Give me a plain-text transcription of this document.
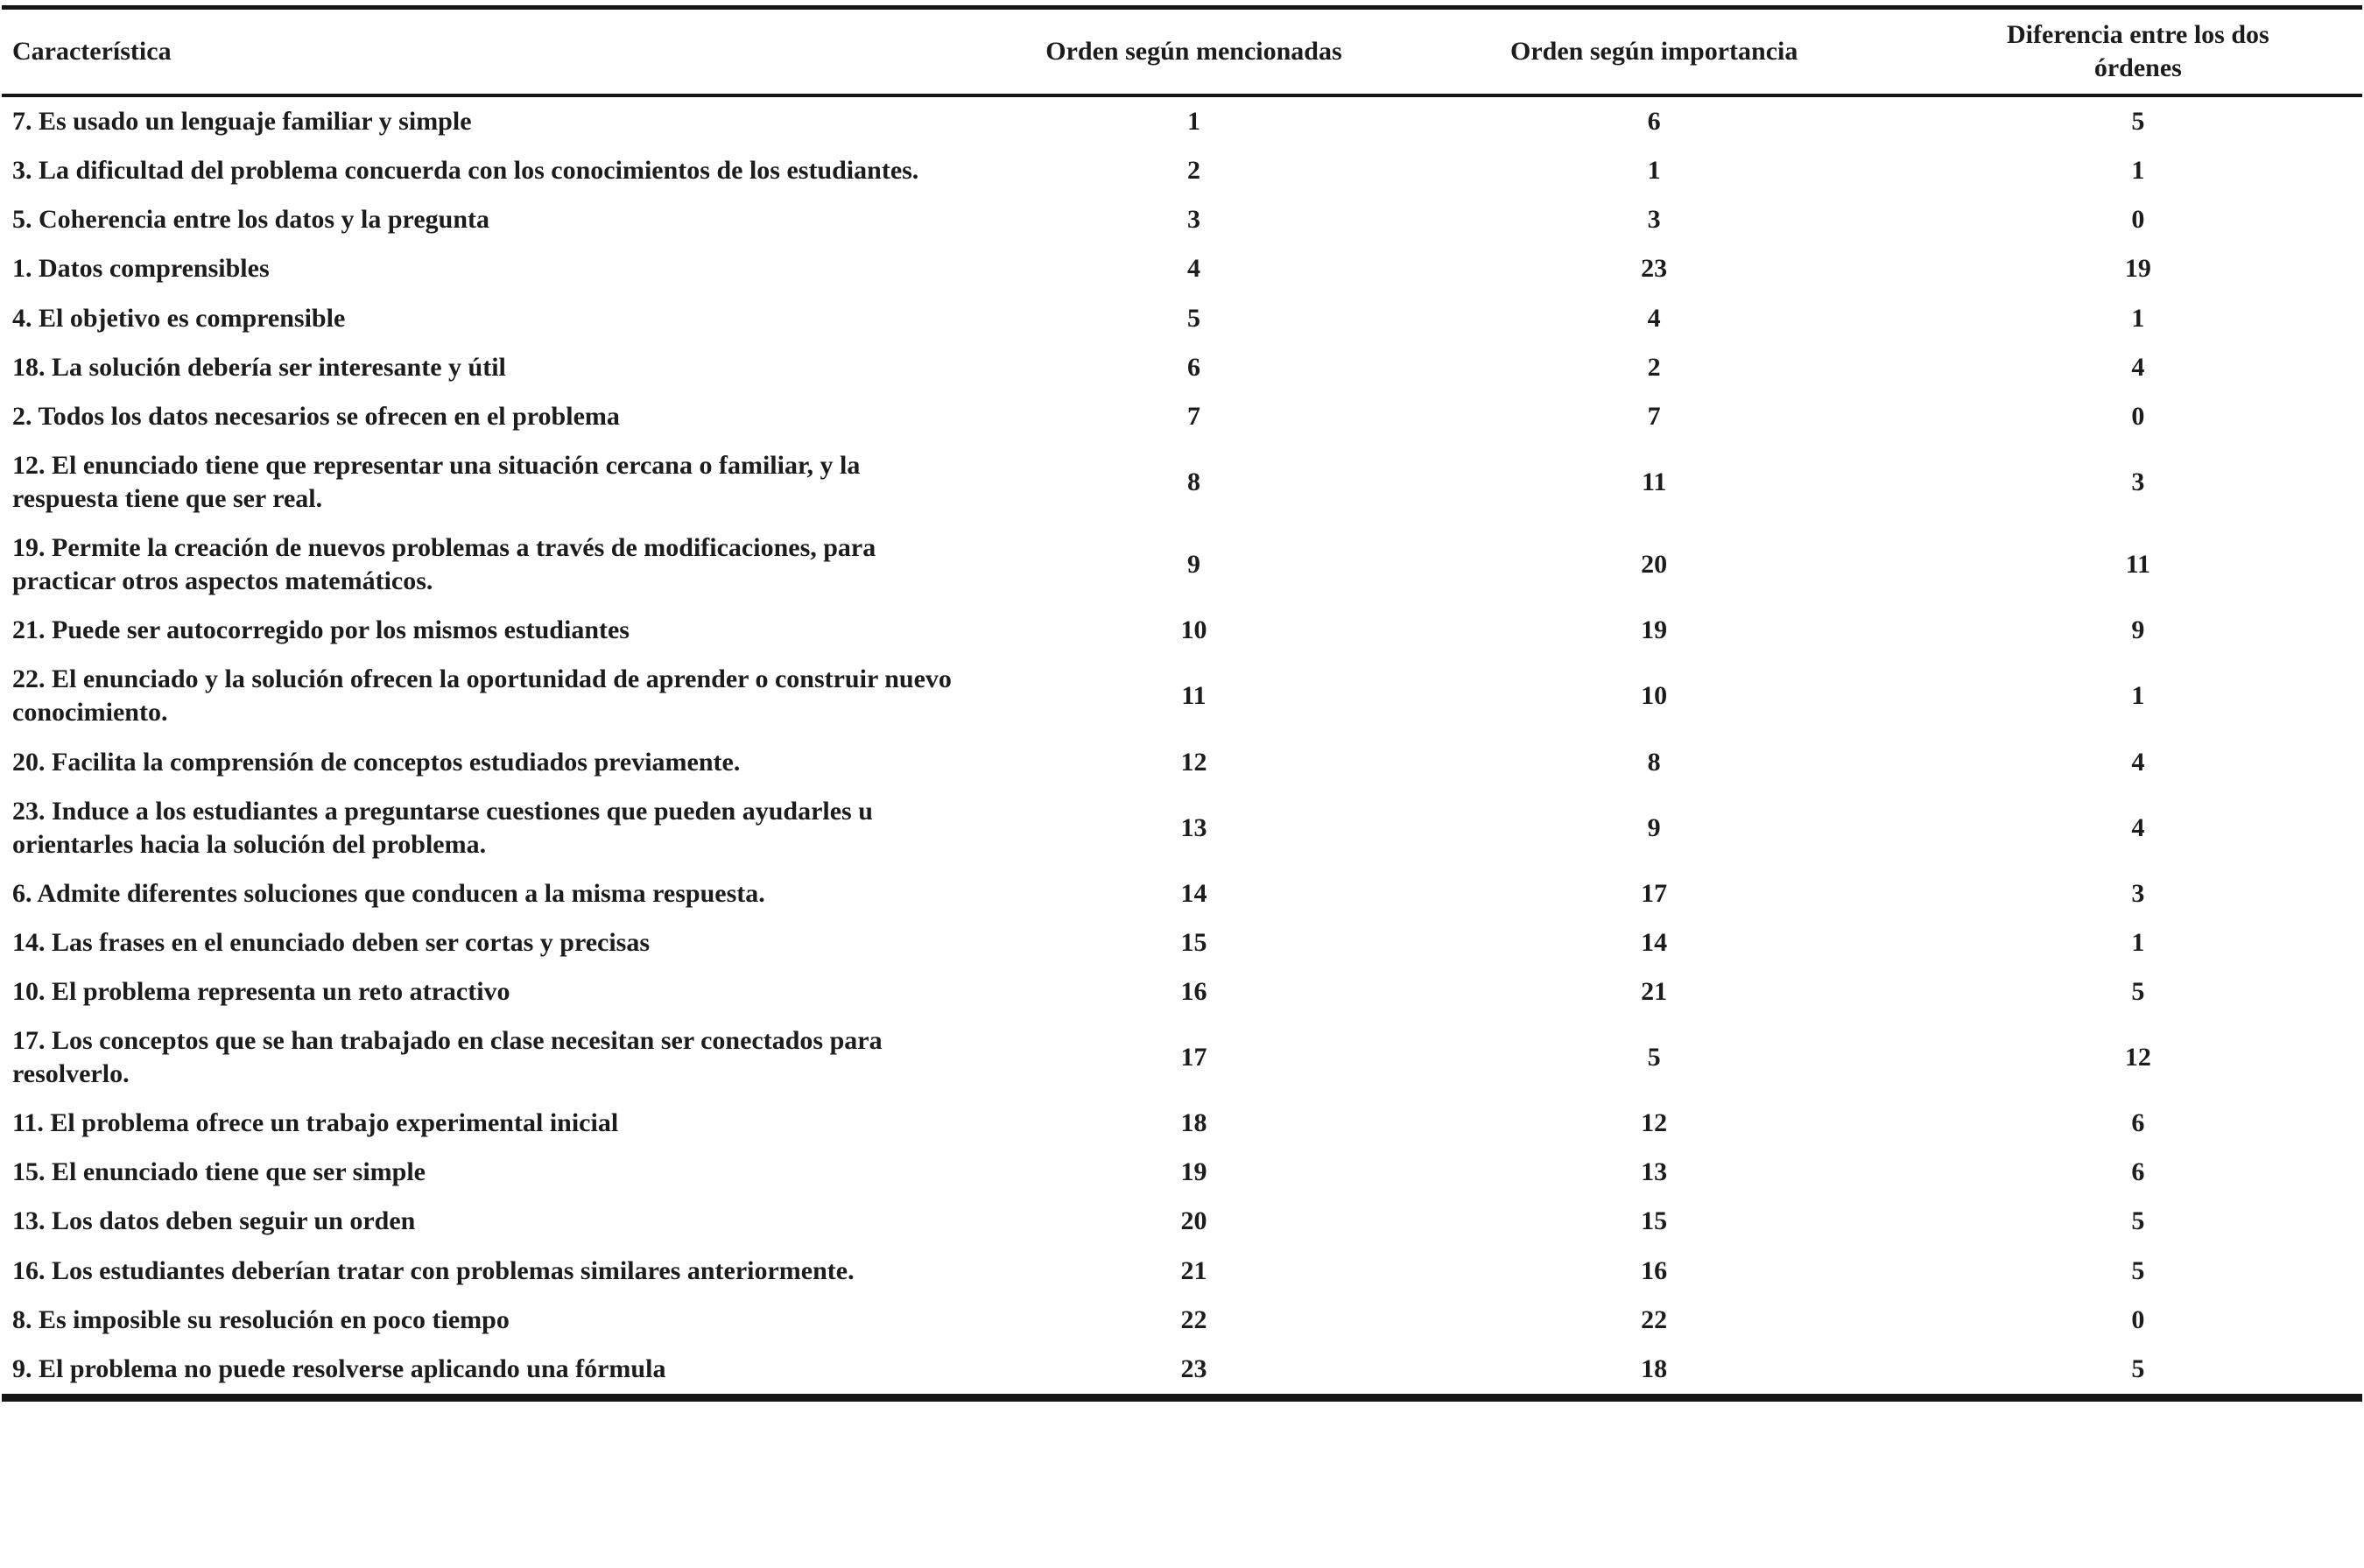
Característica	Orden según mencionadas	Orden según importancia	Diferencia entre los dos órdenes
7. Es usado un lenguaje familiar y simple	1	6	5
3. La dificultad del problema concuerda con los conocimientos de los estudiantes.	2	1	1
5. Coherencia entre los datos y la pregunta	3	3	0
1. Datos comprensibles	4	23	19
4. El objetivo es comprensible	5	4	1
18. La solución debería ser interesante y útil	6	2	4
2. Todos los datos necesarios se ofrecen en el problema	7	7	0
12. El enunciado tiene que representar una situación cercana o familiar, y la respuesta tiene que ser real.	8	11	3
19. Permite la creación de nuevos problemas a través de modificaciones, para practicar otros aspectos matemáticos.	9	20	11
21. Puede ser autocorregido por los mismos estudiantes	10	19	9
22. El enunciado y la solución ofrecen la oportunidad de aprender o construir nuevo conocimiento.	11	10	1
20. Facilita la comprensión de conceptos estudiados previamente.	12	8	4
23. Induce a los estudiantes a preguntarse cuestiones que pueden ayudarles u orientarles hacia la solución del problema.	13	9	4
6. Admite diferentes soluciones que conducen a la misma respuesta.	14	17	3
14. Las frases en el enunciado deben ser cortas y precisas	15	14	1
10. El problema representa un reto atractivo	16	21	5
17. Los conceptos que se han trabajado en clase necesitan ser conectados para resolverlo.	17	5	12
11. El problema ofrece un trabajo experimental inicial	18	12	6
15. El enunciado tiene que ser simple	19	13	6
13. Los datos deben seguir un orden	20	15	5
16. Los estudiantes deberían tratar con problemas similares anteriormente.	21	16	5
8. Es imposible su resolución en poco tiempo	22	22	0
9. El problema no puede resolverse aplicando una fórmula	23	18	5
